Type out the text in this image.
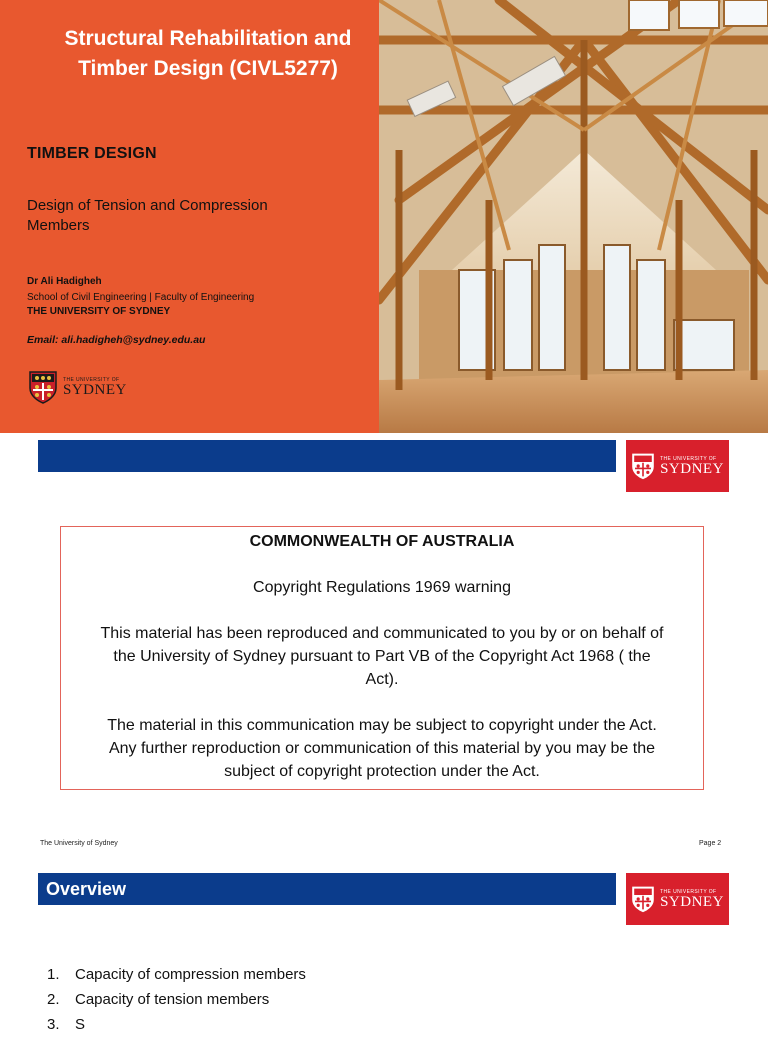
Structural Rehabilitation and
Timber Design (CIVL5277)
TIMBER DESIGN
Design of Tension and Compression
Members
Dr Ali Hadigheh
School of Civil Engineering | Faculty of Engineering
THE UNIVERSITY OF SYDNEY
Email: ali.hadigheh@sydney.edu.au
THE UNIVERSITY OF
SYDNEY
THE UNIVERSITY OF
SYDNEY

COMMONWEALTH OF AUSTRALIA

Copyright Regulations 1969 warning

This material has been reproduced and communicated to you by or on behalf of

the University of Sydney pursuant to Part VB of the Copyright Act 1968 ( the

Act).

The material in this communication may be subject to copyright under the Act.

Any further reproduction or communication of this material by you may be the

subject of copyright protection under the Act.

The University of Sydney	Page 2
Overview	THE UNIVERSITY OF
SYDNEY
1.	Capacity of compression members
2.	Capacity of tension members
3.	S
